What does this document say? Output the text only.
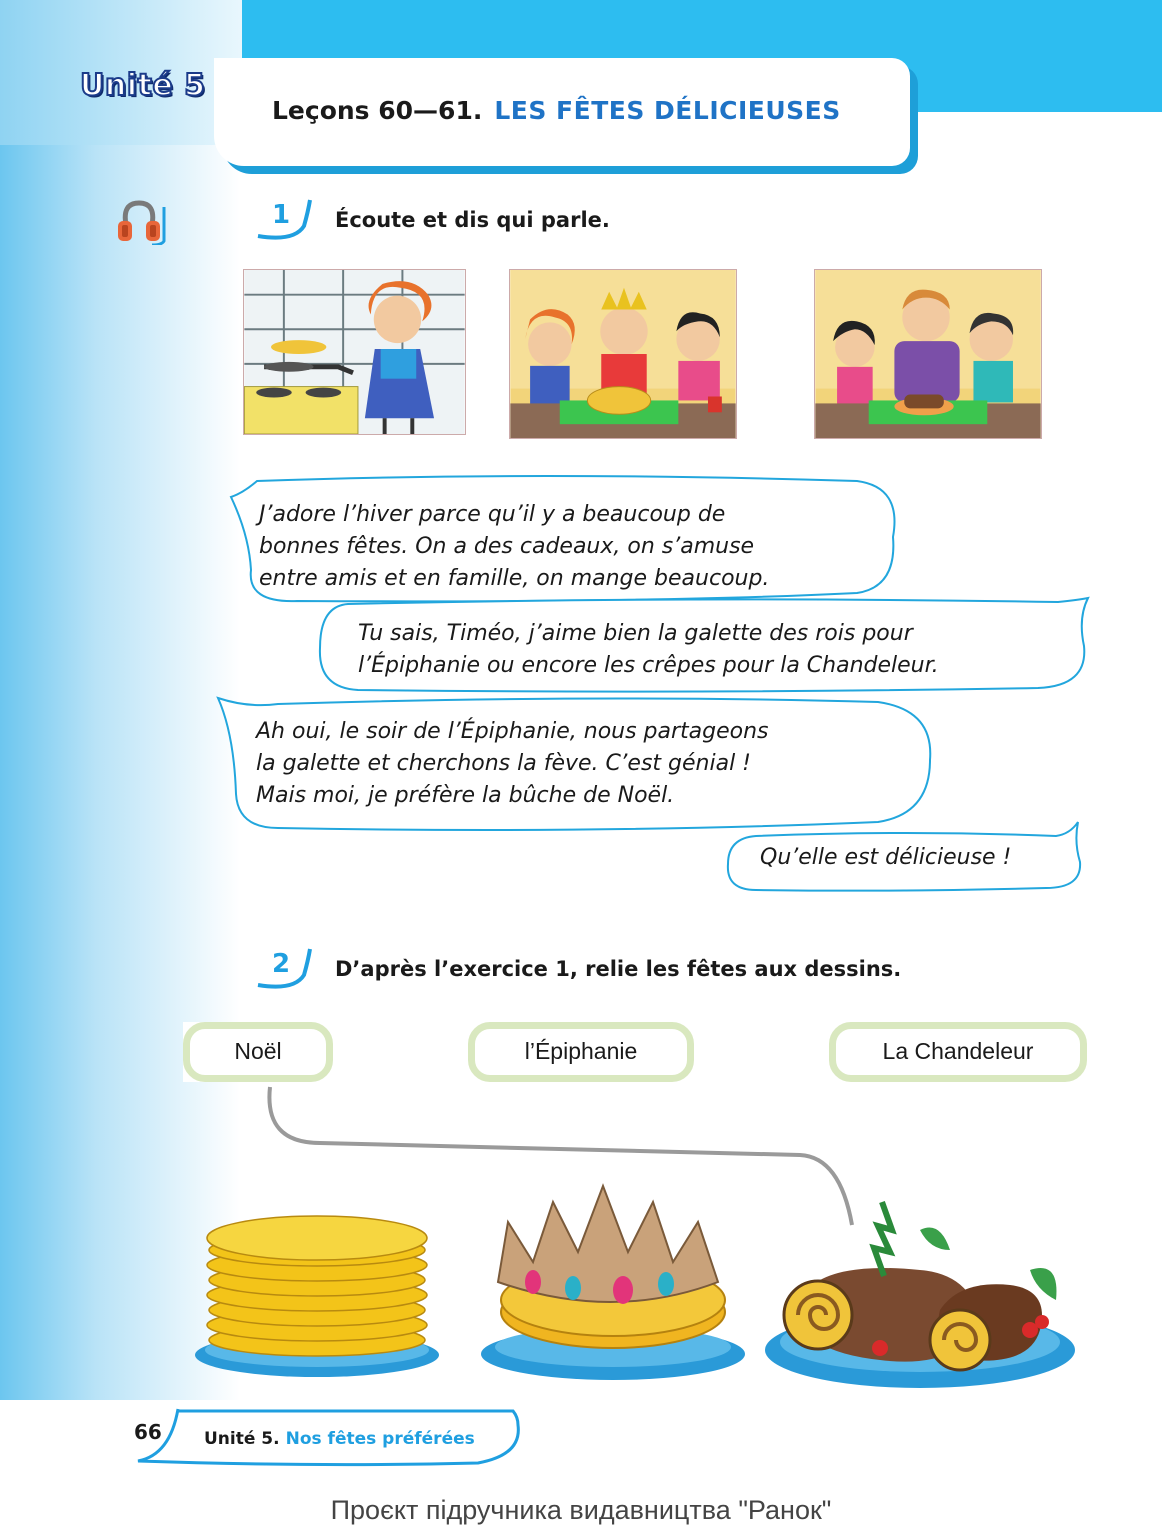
Unité 5
Leçons 60—61. LES FÊTES DÉLICIEUSES
1 Écoute et dis qui parle.
J’adore l’hiver parce qu’il y a beaucoup de
bonnes fêtes. On a des cadeaux, on s’amuse
entre amis et en famille, on mange beaucoup.
Tu sais, Timéo, j’aime bien la galette des rois pour
l’Épiphanie ou encore les crêpes pour la Chandeleur.
Ah oui, le soir de l’Épiphanie, nous partageons
la galette et cherchons la fève. C’est génial !
Mais moi, je préfère la bûche de Noël.
Qu’elle est délicieuse !
2 D’après l’exercice 1, relie les fêtes aux dessins.
Noël	l’Épiphanie	La Chandeleur
66 Unité 5. Nos fêtes préférées
Проєкт підручника видавництва "Ранок"
